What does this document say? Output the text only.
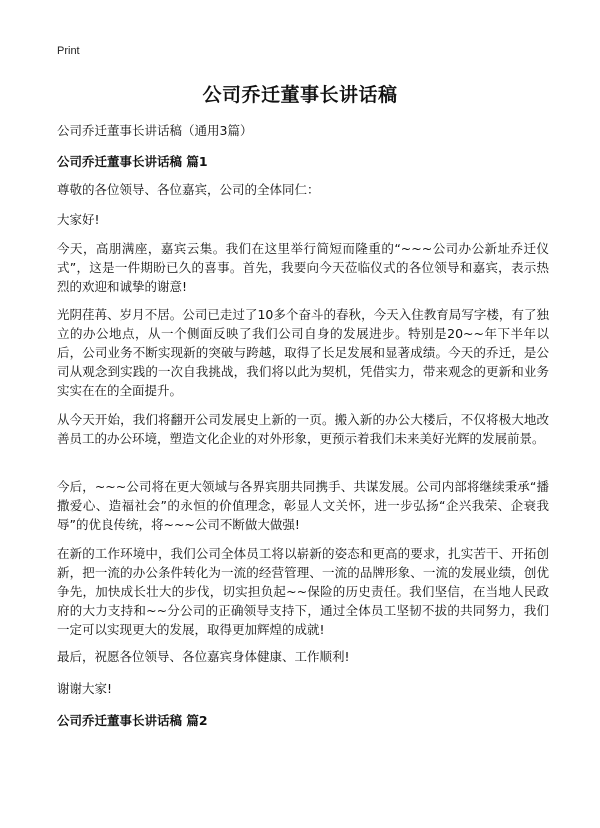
Print
公司乔迁董事长讲话稿
公司乔迁董事长讲话稿（通用3篇）
公司乔迁董事长讲话稿 篇1
尊敬的各位领导、各位嘉宾，公司的全体同仁：
大家好!
今天，高朋满座，嘉宾云集。我们在这里举行简短而隆重的“~~~公司办公新址乔迁仪式”，这是一件期盼已久的喜事。首先，我要向今天莅临仪式的各位领导和嘉宾，表示热烈的欢迎和诚挚的谢意!
光阴荏苒、岁月不居。公司已走过了10多个奋斗的春秋，今天入住教育局写字楼，有了独立的办公地点，从一个侧面反映了我们公司自身的发展进步。特别是20~~年下半年以后，公司业务不断实现新的突破与跨越，取得了长足发展和显著成绩。今天的乔迁，是公司从观念到实践的一次自我挑战，我们将以此为契机，凭借实力，带来观念的更新和业务实实在在的全面提升。
从今天开始，我们将翻开公司发展史上新的一页。搬入新的办公大楼后，不仅将极大地改善员工的办公环境，塑造文化企业的对外形象，更预示着我们未来美好光辉的发展前景。
今后，~~~公司将在更大领域与各界宾朋共同携手、共谋发展。公司内部将继续秉承“播撒爱心、造福社会”的永恒的价值理念，彰显人文关怀，进一步弘扬“企兴我荣、企衰我辱”的优良传统，将~~~公司不断做大做强!
在新的工作环境中，我们公司全体员工将以崭新的姿态和更高的要求，扎实苦干、开拓创新，把一流的办公条件转化为一流的经营管理、一流的品牌形象、一流的发展业绩，创优争先，加快成长壮大的步伐，切实担负起~~保险的历史责任。我们坚信，在当地人民政府的大力支持和~~分公司的正确领导支持下，通过全体员工坚韧不拔的共同努力，我们一定可以实现更大的发展，取得更加辉煌的成就!
最后，祝愿各位领导、各位嘉宾身体健康、工作顺利!
谢谢大家!
公司乔迁董事长讲话稿 篇2
